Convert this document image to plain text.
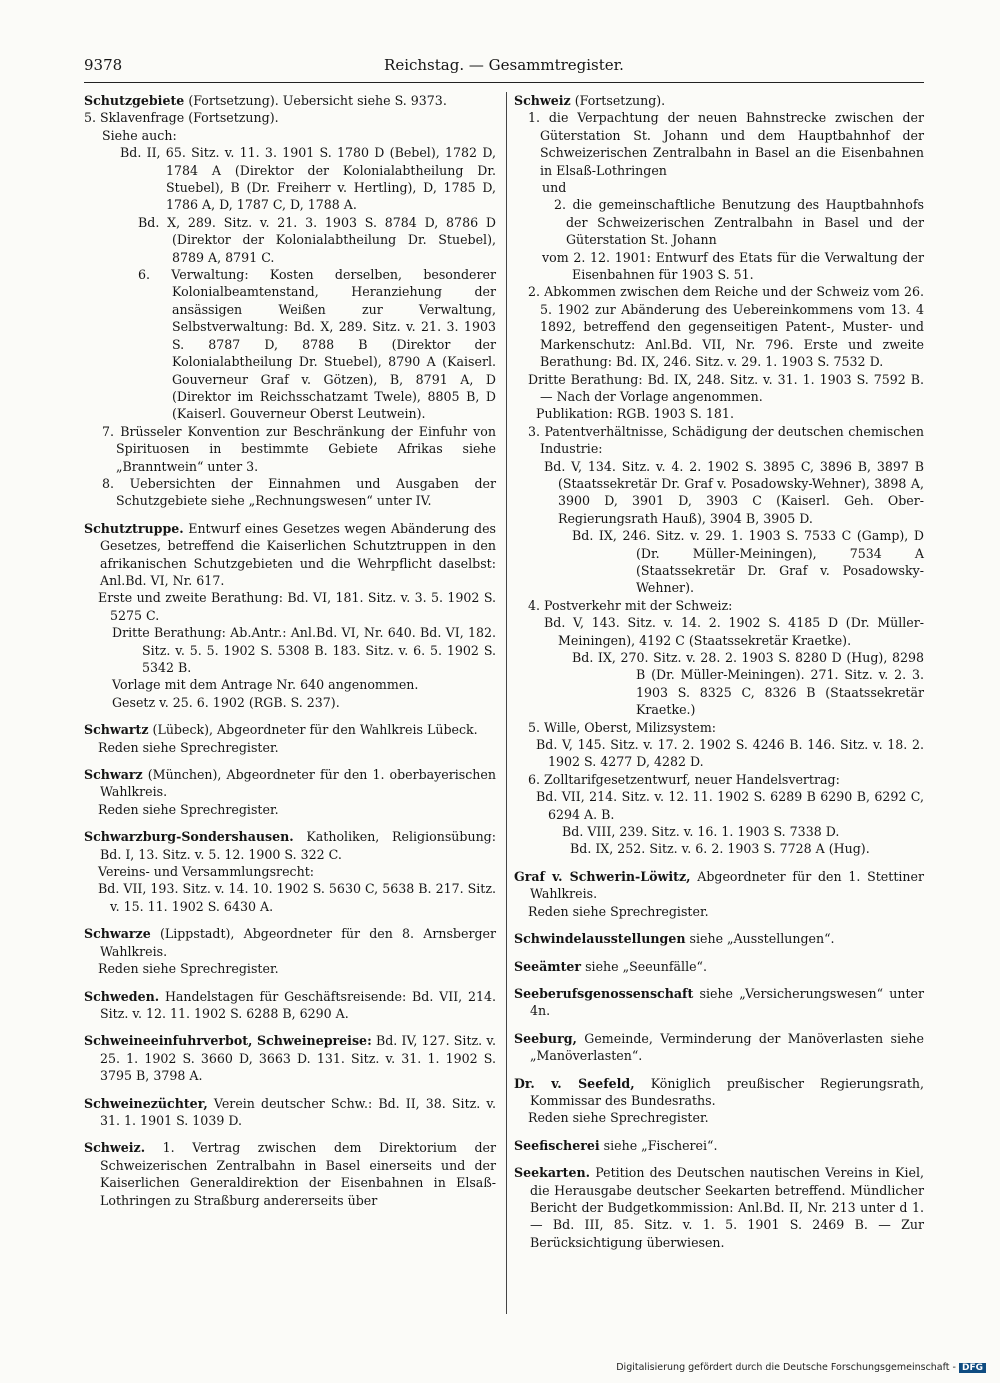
9378	Reichstag. — Gesammtregister.

Schutzgebiete (Fortsetzung). Uebersicht siehe S. 9373.

5. Sklavenfrage (Fortsetzung).

Siehe auch:

Bd. II, 65. Sitz. v. 11. 3. 1901 S. 1780 D (Bebel), 1782 D, 1784 A (Direktor der Kolonialabtheilung Dr. Stuebel), B (Dr. Freiherr v. Hertling), D, 1785 D, 1786 A, D, 1787 C, D, 1788 A.

Bd. X, 289. Sitz. v. 21. 3. 1903 S. 8784 D, 8786 D (Direktor der Kolonialabtheilung Dr. Stuebel), 8789 A, 8791 C.

6. Verwaltung: Kosten derselben, besonderer Kolonialbeamtenstand, Heranziehung der ansässigen Weißen zur Verwaltung, Selbstverwaltung: Bd. X, 289. Sitz. v. 21. 3. 1903 S. 8787 D, 8788 B (Direktor der Kolonialabtheilung Dr. Stuebel), 8790 A (Kaiserl. Gouverneur Graf v. Götzen), B, 8791 A, D (Direktor im Reichsschatzamt Twele), 8805 B, D (Kaiserl. Gouverneur Oberst Leutwein).

7. Brüsseler Konvention zur Beschränkung der Einfuhr von Spirituosen in bestimmte Gebiete Afrikas siehe „Branntwein“ unter 3.

8. Uebersichten der Einnahmen und Ausgaben der Schutzgebiete siehe „Rechnungswesen“ unter IV.

Schutztruppe. Entwurf eines Gesetzes wegen Abänderung des Gesetzes, betreffend die Kaiserlichen Schutztruppen in den afrikanischen Schutzgebieten und die Wehrpflicht daselbst: Anl.Bd. VI, Nr. 617.

Erste und zweite Berathung: Bd. VI, 181. Sitz. v. 3. 5. 1902 S. 5275 C.

Dritte Berathung: Ab.Antr.: Anl.Bd. VI, Nr. 640. Bd. VI, 182. Sitz. v. 5. 5. 1902 S. 5308 B. 183. Sitz. v. 6. 5. 1902 S. 5342 B.

Vorlage mit dem Antrage Nr. 640 angenommen.

Gesetz v. 25. 6. 1902 (RGB. S. 237).

Schwartz (Lübeck), Abgeordneter für den Wahlkreis Lübeck.

Reden siehe Sprechregister.

Schwarz (München), Abgeordneter für den 1. oberbayerischen Wahlkreis.

Reden siehe Sprechregister.

Schwarzburg-Sondershausen. Katholiken, Religionsübung: Bd. I, 13. Sitz. v. 5. 12. 1900 S. 322 C.

Vereins- und Versammlungsrecht:

Bd. VII, 193. Sitz. v. 14. 10. 1902 S. 5630 C, 5638 B. 217. Sitz. v. 15. 11. 1902 S. 6430 A.

Schwarze (Lippstadt), Abgeordneter für den 8. Arnsberger Wahlkreis.

Reden siehe Sprechregister.

Schweden. Handelstagen für Geschäftsreisende: Bd. VII, 214. Sitz. v. 12. 11. 1902 S. 6288 B, 6290 A.

Schweineeinfuhrverbot, Schweinepreise: Bd. IV, 127. Sitz. v. 25. 1. 1902 S. 3660 D, 3663 D. 131. Sitz. v. 31. 1. 1902 S. 3795 B, 3798 A.

Schweinezüchter, Verein deutscher Schw.: Bd. II, 38. Sitz. v. 31. 1. 1901 S. 1039 D.

Schweiz. 1. Vertrag zwischen dem Direktorium der Schweizerischen Zentralbahn in Basel einerseits und der Kaiserlichen Generaldirektion der Eisenbahnen in Elsaß-Lothringen zu Straßburg andererseits über

Schweiz (Fortsetzung).

1. die Verpachtung der neuen Bahnstrecke zwischen der Güterstation St. Johann und dem Hauptbahnhof der Schweizerischen Zentralbahn in Basel an die Eisenbahnen in Elsaß-Lothringen

und

2. die gemeinschaftliche Benutzung des Hauptbahnhofs der Schweizerischen Zentralbahn in Basel und der Güterstation St. Johann

vom 2. 12. 1901: Entwurf des Etats für die Verwaltung der Eisenbahnen für 1903 S. 51.

2. Abkommen zwischen dem Reiche und der Schweiz vom 26. 5. 1902 zur Abänderung des Uebereinkommens vom 13. 4 1892, betreffend den gegenseitigen Patent-, Muster- und Markenschutz: Anl.Bd. VII, Nr. 796. Erste und zweite Berathung: Bd. IX, 246. Sitz. v. 29. 1. 1903 S. 7532 D.

Dritte Berathung: Bd. IX, 248. Sitz. v. 31. 1. 1903 S. 7592 B. — Nach der Vorlage angenommen.

Publikation: RGB. 1903 S. 181.

3. Patentverhältnisse, Schädigung der deutschen chemischen Industrie:

Bd. V, 134. Sitz. v. 4. 2. 1902 S. 3895 C, 3896 B, 3897 B (Staatssekretär Dr. Graf v. Posadowsky-Wehner), 3898 A, 3900 D, 3901 D, 3903 C (Kaiserl. Geh. Ober-Regierungsrath Hauß), 3904 B, 3905 D.

Bd. IX, 246. Sitz. v. 29. 1. 1903 S. 7533 C (Gamp), D (Dr. Müller-Meiningen), 7534 A (Staatssekretär Dr. Graf v. Posadowsky-Wehner).

4. Postverkehr mit der Schweiz:

Bd. V, 143. Sitz. v. 14. 2. 1902 S. 4185 D (Dr. Müller-Meiningen), 4192 C (Staatssekretär Kraetke).

Bd. IX, 270. Sitz. v. 28. 2. 1903 S. 8280 D (Hug), 8298 B (Dr. Müller-Meiningen). 271. Sitz. v. 2. 3. 1903 S. 8325 C, 8326 B (Staatssekretär Kraetke.)

5. Wille, Oberst, Milizsystem:

Bd. V, 145. Sitz. v. 17. 2. 1902 S. 4246 B. 146. Sitz. v. 18. 2. 1902 S. 4277 D, 4282 D.

6. Zolltarifgesetzentwurf, neuer Handelsvertrag:

Bd. VII, 214. Sitz. v. 12. 11. 1902 S. 6289 B 6290 B, 6292 C, 6294 A. B.

Bd. VIII, 239. Sitz. v. 16. 1. 1903 S. 7338 D.

Bd. IX, 252. Sitz. v. 6. 2. 1903 S. 7728 A (Hug).

Graf v. Schwerin-Löwitz, Abgeordneter für den 1. Stettiner Wahlkreis.

Reden siehe Sprechregister.

Schwindelausstellungen siehe „Ausstellungen“.

Seeämter siehe „Seeunfälle“.

Seeberufsgenossenschaft siehe „Versicherungswesen“ unter 4n.

Seeburg, Gemeinde, Verminderung der Manöverlasten siehe „Manöverlasten“.

Dr. v. Seefeld, Königlich preußischer Regierungsrath, Kommissar des Bundesraths.

Reden siehe Sprechregister.

Seefischerei siehe „Fischerei“.

Seekarten. Petition des Deutschen nautischen Vereins in Kiel, die Herausgabe deutscher Seekarten betreffend. Mündlicher Bericht der Budgetkommission: Anl.Bd. II, Nr. 213 unter d 1. — Bd. III, 85. Sitz. v. 1. 5. 1901 S. 2469 B. — Zur Berücksichtigung überwiesen.

Digitalisierung gefördert durch die Deutsche Forschungsgemeinschaft - DFG
